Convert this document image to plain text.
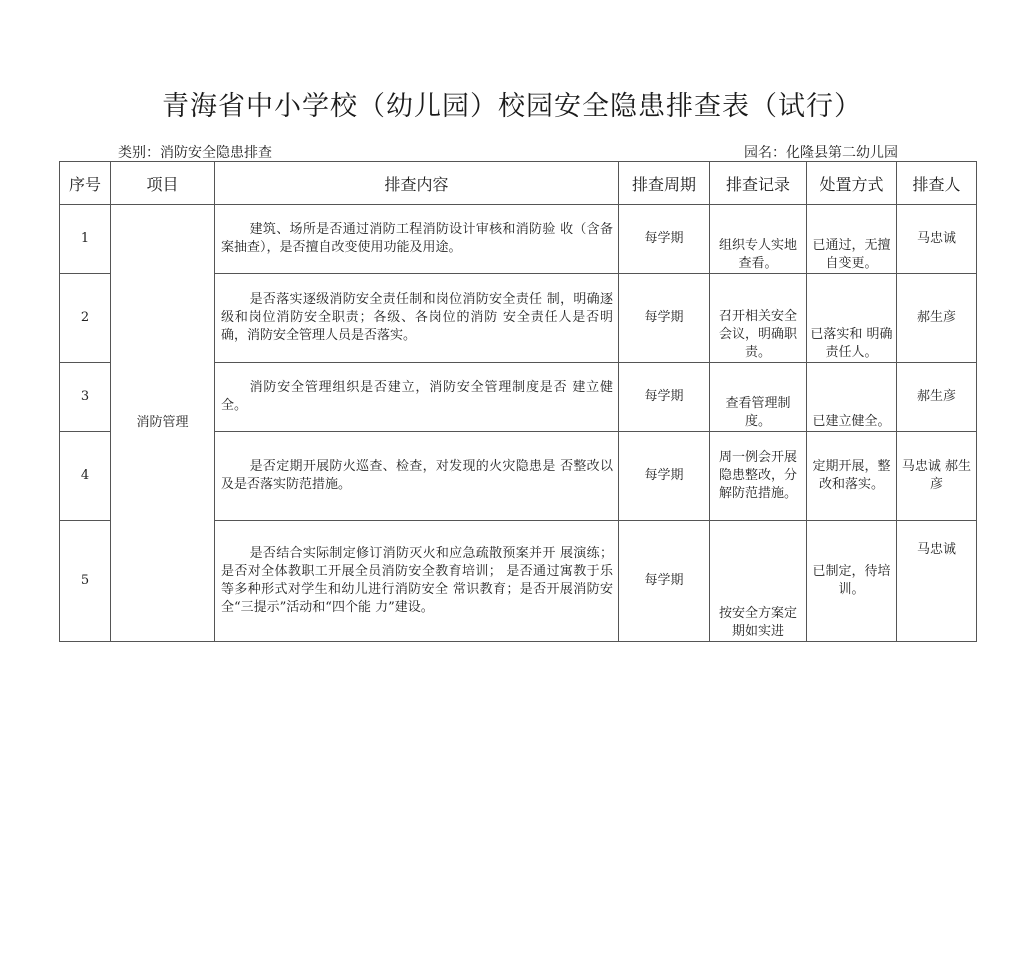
青海省中小学校（幼儿园）校园安全隐患排查表（试行）
类别：消防安全隐患排查	园名：化隆县第二幼儿园
序号	项目	排查内容	排查周期	排查记录	处置方式	排查人
1	消防管理	建筑、场所是否通过消防工程消防设计审核和消防验 收（含备案抽查），是否擅自改变使用功能及用途。	每学期	组织专人实地查看。	已通过，无擅自变更。	马忠诚
2		是否落实逐级消防安全责任制和岗位消防安全责任 制，明确逐级和岗位消防安全职责；各级、各岗位的消防 安全责任人是否明确，消防安全管理人员是否落实。	每学期	召开相关安全会议，明确职责。	已落实和 明确责任人。	郝生彦
3		消防安全管理组织是否建立，消防安全管理制度是否 建立健全。	每学期	查看管理制度。	已建立健全。	郝生彦
4		是否定期开展防火巡查、检查，对发现的火灾隐患是 否整改以及是否落实防范措施。	每学期	周一例会开展隐患整改，分解防范措施。	定期开展，整改和落实。	马忠诚 郝生彦
5		是否结合实际制定修订消防灭火和应急疏散预案并开 展演练；是否对全体教职工开展全员消防安全教育培训； 是否通过寓教于乐等多种形式对学生和幼儿进行消防安全 常识教育；是否开展消防安全“三提示”活动和“四个能 力”建设。	每学期	按安全方案定期如实进	已制定，待培训。	马忠诚
